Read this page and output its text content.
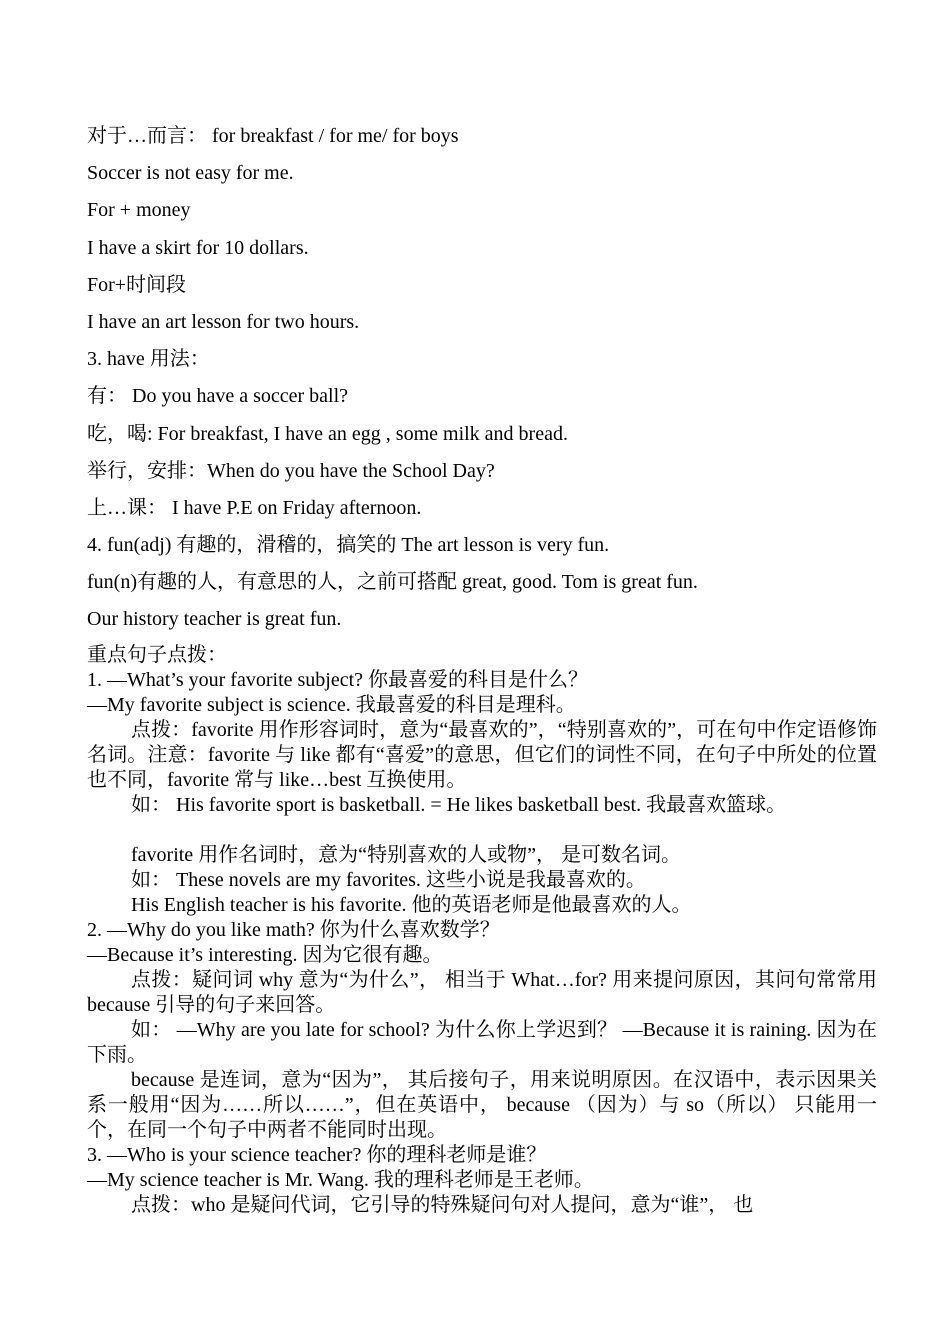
对于…而言： for breakfast / for me/ for boys

Soccer is not easy for me.

For + money

I have a skirt for 10 dollars.

For+时间段

I have an art lesson for two hours.

3. have 用法：

有： Do you have a soccer ball?

吃，喝: For breakfast, I have an egg , some milk and bread.

举行，安排：When do you have the School Day?

上…课： I have P.E on Friday afternoon.

4. fun(adj) 有趣的，滑稽的，搞笑的 The art lesson is very fun.

fun(n)有趣的人，有意思的人，之前可搭配 great, good. Tom is great fun.

Our history teacher is great fun.

重点句子点拨：

1. —What’s your favorite subject? 你最喜爱的科目是什么？

—My favorite subject is science. 我最喜爱的科目是理科。

点拨：favorite 用作形容词时，意为“最喜欢的”，“特别喜欢的”，可在句中作定语修饰名词。注意：favorite 与 like 都有“喜爱”的意思，但它们的词性不同，在句子中所处的位置 也不同，favorite 常与 like…best 互换使用。

如： His favorite sport is basketball. = He likes basketball best. 我最喜欢篮球。

favorite 用作名词时，意为“特别喜欢的人或物”， 是可数名词。

如： These novels are my favorites. 这些小说是我最喜欢的。

His English teacher is his favorite. 他的英语老师是他最喜欢的人。

2. —Why do you like math? 你为什么喜欢数学？

—Because it’s interesting. 因为它很有趣。

点拨：疑问词 why 意为“为什么”， 相当于 What…for? 用来提问原因，其问句常常用 because 引导的句子来回答。

如： —Why are you late for school? 为什么你上学迟到？ —Because it is raining. 因为在下雨。

because 是连词，意为“因为”， 其后接句子，用来说明原因。在汉语中，表示因果关系一般用“因为……所以……”，但在英语中， because （因为）与 so（所以） 只能用一个，在同一个句子中两者不能同时出现。

3. —Who is your science teacher? 你的理科老师是谁？

—My science teacher is Mr. Wang. 我的理科老师是王老师。

点拨：who 是疑问代词，它引导的特殊疑问句对人提问，意为“谁”， 也
